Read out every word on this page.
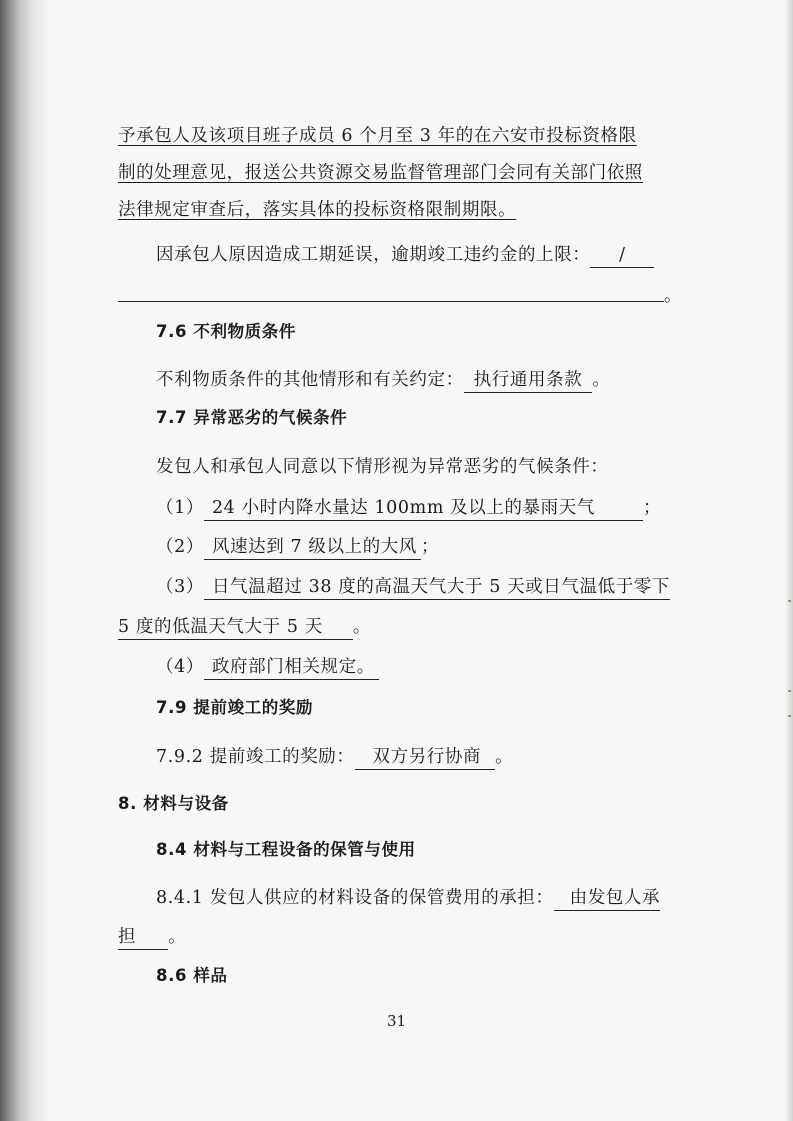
予承包人及该项目班子成员 6 个月至 3 年的在六安市投标资格限
制的处理意见，报送公共资源交易监督管理部门会同有关部门依照
法律规定审查后，落实具体的投标资格限制期限。
因承包人原因造成工期延误，逾期竣工违约金的上限： /
。
7.6 不利物质条件
不利物质条件的其他情形和有关约定： 执行通用条款 。
7.7 异常恶劣的气候条件
发包人和承包人同意以下情形视为异常恶劣的气候条件：
（1） 24 小时内降水量达 100mm 及以上的暴雨天气	；
（2） 风速达到 7 级以上的大风 ；
（3） 日气温超过 38 度的高温天气大于 5 天或日气温低于零下
5 度的低温天气大于 5 天 。
（4） 政府部门相关规定。
7.9 提前竣工的奖励
7.9.2 提前竣工的奖励： 双方另行协商 。
8. 材料与设备
8.4 材料与工程设备的保管与使用
8.4.1 发包人供应的材料设备的保管费用的承担： 由发包人承
担 。
8.6 样品
31
